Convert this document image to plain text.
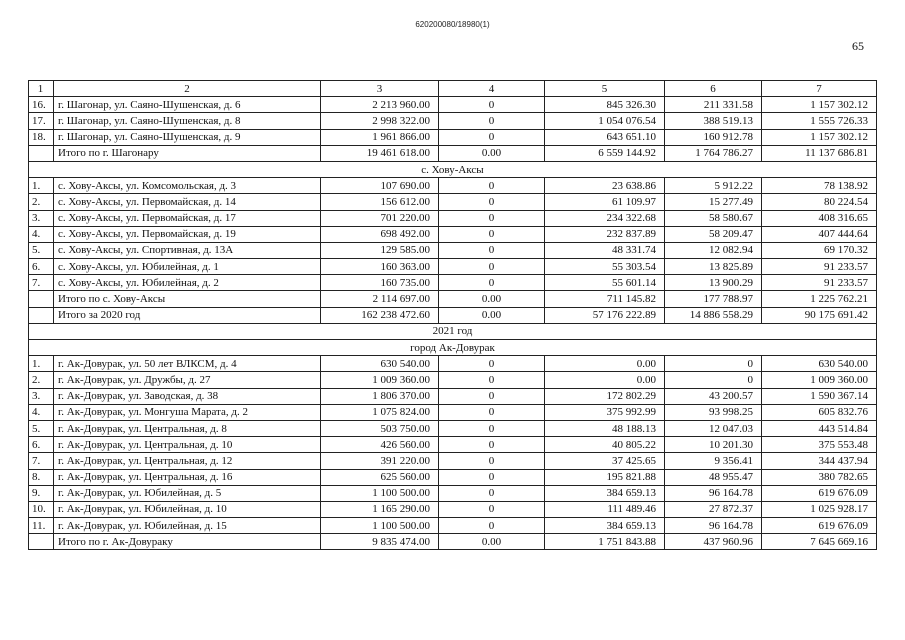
620200080/18980(1)
65
1	2	3	4	5	6	7
16.	г. Шагонар, ул. Саяно-Шушенская, д. 6	2 213 960.00	0	845 326.30	211 331.58	1 157 302.12
17.	г. Шагонар, ул. Саяно-Шушенская, д. 8	2 998 322.00	0	1 054 076.54	388 519.13	1 555 726.33
18.	г. Шагонар, ул. Саяно-Шушенская, д. 9	1 961 866.00	0	643 651.10	160 912.78	1 157 302.12
	Итого по г. Шагонару	19 461 618.00	0.00	6 559 144.92	1 764 786.27	11 137 686.81
с. Хову-Аксы						
1.	с. Хову-Аксы, ул. Комсомольская, д. 3	107 690.00	0	23 638.86	5 912.22	78 138.92
2.	с. Хову-Аксы, ул. Первомайская, д. 14	156 612.00	0	61 109.97	15 277.49	80 224.54
3.	с. Хову-Аксы, ул. Первомайская, д. 17	701 220.00	0	234 322.68	58 580.67	408 316.65
4.	с. Хову-Аксы, ул. Первомайская, д. 19	698 492.00	0	232 837.89	58 209.47	407 444.64
5.	с. Хову-Аксы, ул. Спортивная, д. 13А	129 585.00	0	48 331.74	12 082.94	69 170.32
6.	с. Хову-Аксы, ул. Юбилейная, д. 1	160 363.00	0	55 303.54	13 825.89	91 233.57
7.	с. Хову-Аксы, ул. Юбилейная, д. 2	160 735.00	0	55 601.14	13 900.29	91 233.57
	Итого по с. Хову-Аксы	2 114 697.00	0.00	711 145.82	177 788.97	1 225 762.21
	Итого за 2020 год	162 238 472.60	0.00	57 176 222.89	14 886 558.29	90 175 691.42
2021 год						
город Ак-Довурак						
1.	г. Ак-Довурак, ул. 50 лет ВЛКСМ, д. 4	630 540.00	0	0.00	0	630 540.00
2.	г. Ак-Довурак, ул. Дружбы, д. 27	1 009 360.00	0	0.00	0	1 009 360.00
3.	г. Ак-Довурак, ул. Заводская, д. 38	1 806 370.00	0	172 802.29	43 200.57	1 590 367.14
4.	г. Ак-Довурак, ул. Монгуша Марата, д. 2	1 075 824.00	0	375 992.99	93 998.25	605 832.76
5.	г. Ак-Довурак, ул. Центральная, д. 8	503 750.00	0	48 188.13	12 047.03	443 514.84
6.	г. Ак-Довурак, ул. Центральная, д. 10	426 560.00	0	40 805.22	10 201.30	375 553.48
7.	г. Ак-Довурак, ул. Центральная, д. 12	391 220.00	0	37 425.65	9 356.41	344 437.94
8.	г. Ак-Довурак, ул. Центральная, д. 16	625 560.00	0	195 821.88	48 955.47	380 782.65
9.	г. Ак-Довурак, ул. Юбилейная, д. 5	1 100 500.00	0	384 659.13	96 164.78	619 676.09
10.	г. Ак-Довурак, ул. Юбилейная, д. 10	1 165 290.00	0	111 489.46	27 872.37	1 025 928.17
11.	г. Ак-Довурак, ул. Юбилейная, д. 15	1 100 500.00	0	384 659.13	96 164.78	619 676.09
	Итого по г. Ак-Довураку	9 835 474.00	0.00	1 751 843.88	437 960.96	7 645 669.16
